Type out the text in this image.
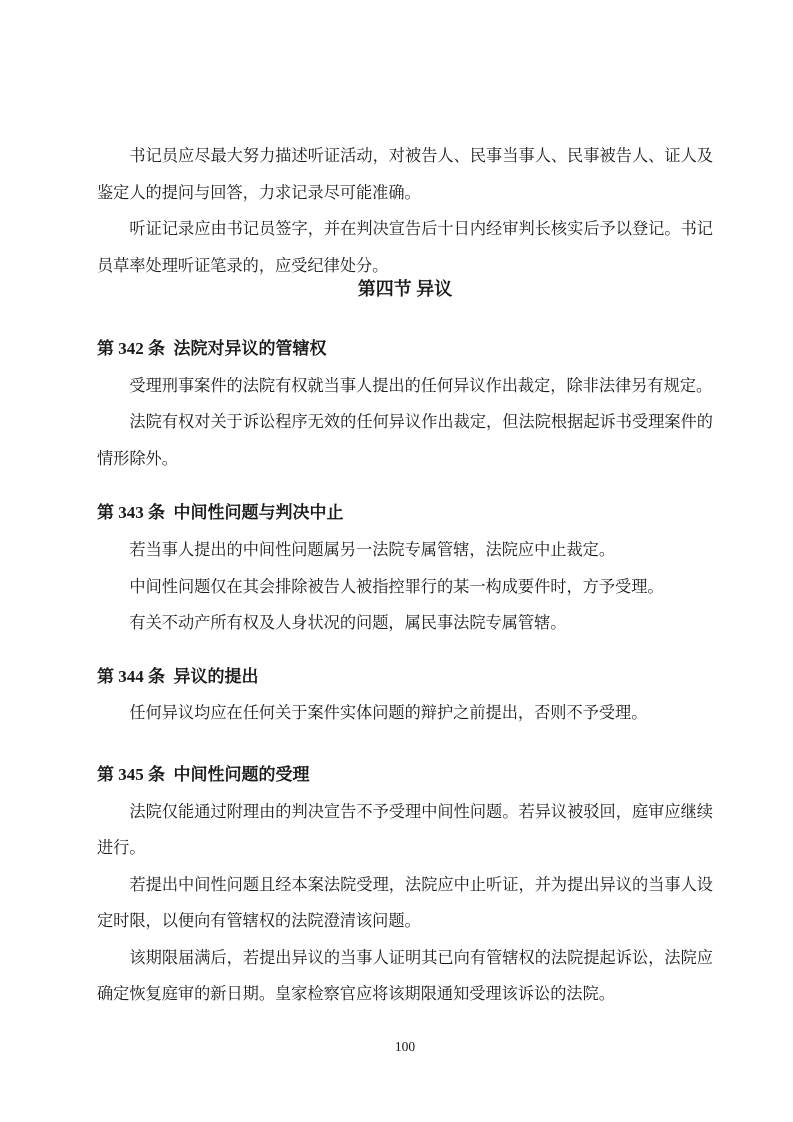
书记员应尽最大努力描述听证活动，对被告人、民事当事人、民事被告人、证人及鉴定人的提问与回答，力求记录尽可能准确。

听证记录应由书记员签字，并在判决宣告后十日内经审判长核实后予以登记。书记员草率处理听证笔录的，应受纪律处分。

第四节 异议
第 342 条 法院对异议的管辖权

受理刑事案件的法院有权就当事人提出的任何异议作出裁定，除非法律另有规定。

法院有权对关于诉讼程序无效的任何异议作出裁定，但法院根据起诉书受理案件的情形除外。

第 343 条 中间性问题与判决中止

若当事人提出的中间性问题属另一法院专属管辖，法院应中止裁定。

中间性问题仅在其会排除被告人被指控罪行的某一构成要件时，方予受理。

有关不动产所有权及人身状况的问题，属民事法院专属管辖。

第 344 条 异议的提出

任何异议均应在任何关于案件实体问题的辩护之前提出，否则不予受理。

第 345 条 中间性问题的受理

法院仅能通过附理由的判决宣告不予受理中间性问题。若异议被驳回，庭审应继续进行。

若提出中间性问题且经本案法院受理，法院应中止听证，并为提出异议的当事人设定时限，以便向有管辖权的法院澄清该问题。

该期限届满后，若提出异议的当事人证明其已向有管辖权的法院提起诉讼，法院应确定恢复庭审的新日期。皇家检察官应将该期限通知受理该诉讼的法院。

100
